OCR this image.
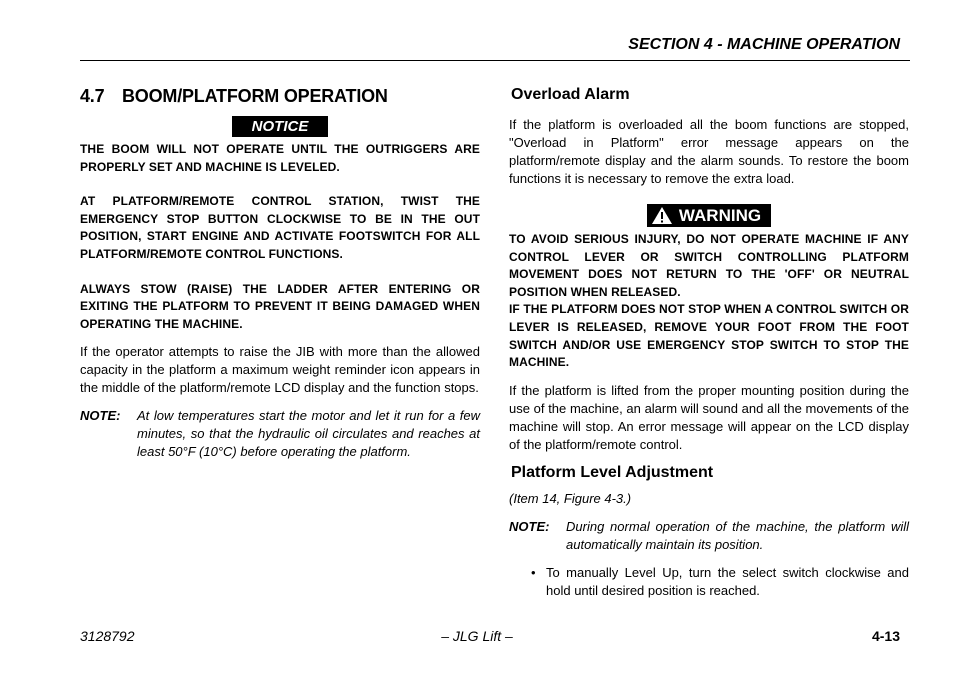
SECTION 4 - MACHINE OPERATION
4.7 BOOM/PLATFORM OPERATION
NOTICE

THE BOOM WILL NOT OPERATE UNTIL THE OUTRIGGERS ARE PROPERLY SET AND MACHINE IS LEVELED.

AT PLATFORM/REMOTE CONTROL STATION, TWIST THE EMERGENCY STOP BUTTON CLOCKWISE TO BE IN THE OUT POSITION, START ENGINE AND ACTIVATE FOOTSWITCH FOR ALL PLATFORM/REMOTE CONTROL FUNCTIONS.

ALWAYS STOW (RAISE) THE LADDER AFTER ENTERING OR EXITING THE PLATFORM TO PREVENT IT BEING DAMAGED WHEN OPERATING THE MACHINE.

If the operator attempts to raise the JIB with more than the allowed capacity in the platform a maximum weight reminder icon appears in the middle of the platform/remote LCD display and the function stops.

NOTE:	At low temperatures start the motor and let it run for a few minutes, so that the hydraulic oil circulates and reaches at least 50°F (10°C) before operating the platform.
Overload Alarm

If the platform is overloaded all the boom functions are stopped, "Overload in Platform" error message appears on the platform/remote display and the alarm sounds. To restore the boom functions it is necessary to remove the extra load.

WARNING

TO AVOID SERIOUS INJURY, DO NOT OPERATE MACHINE IF ANY CONTROL LEVER OR SWITCH CONTROLLING PLATFORM MOVEMENT DOES NOT RETURN TO THE 'OFF' OR NEUTRAL POSITION WHEN RELEASED.

IF THE PLATFORM DOES NOT STOP WHEN A CONTROL SWITCH OR LEVER IS RELEASED, REMOVE YOUR FOOT FROM THE FOOT SWITCH AND/OR USE EMERGENCY STOP SWITCH TO STOP THE MACHINE.

If the platform is lifted from the proper mounting position during the use of the machine, an alarm will sound and all the movements of the machine will stop. An error message will appear on the LCD display of the platform/remote control.

Platform Level Adjustment

(Item 14, Figure 4-3.)

NOTE:	During normal operation of the machine, the platform will automatically maintain its position.
• To manually Level Up, turn the select switch clockwise and hold until desired position is reached.
– JLG Lift –
3128792	4-13
